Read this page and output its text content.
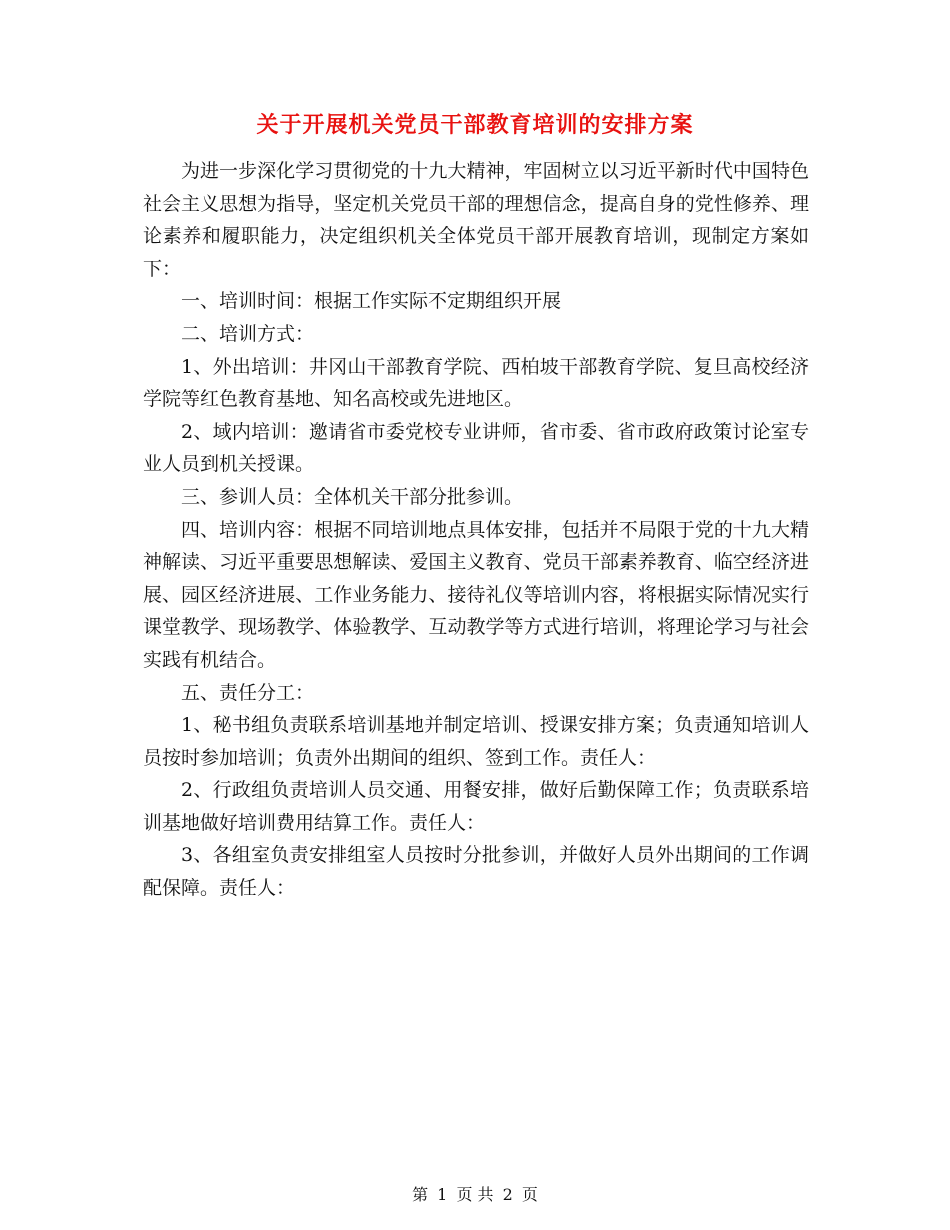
关于开展机关党员干部教育培训的安排方案

为进一步深化学习贯彻党的十九大精神，牢固树立以习近平新时代中国特色社会主义思想为指导，坚定机关党员干部的理想信念，提高自身的党性修养、理论素养和履职能力，决定组织机关全体党员干部开展教育培训，现制定方案如下：

一、培训时间：根据工作实际不定期组织开展

二、培训方式：

1、外出培训：井冈山干部教育学院、西柏坡干部教育学院、复旦高校经济学院等红色教育基地、知名高校或先进地区。

2、域内培训：邀请省市委党校专业讲师，省市委、省市政府政策讨论室专业人员到机关授课。

三、参训人员：全体机关干部分批参训。

四、培训内容：根据不同培训地点具体安排，包括并不局限于党的十九大精神解读、习近平重要思想解读、爱国主义教育、党员干部素养教育、临空经济进展、园区经济进展、工作业务能力、接待礼仪等培训内容，将根据实际情况实行课堂教学、现场教学、体验教学、互动教学等方式进行培训，将理论学习与社会实践有机结合。

五、责任分工：

1、秘书组负责联系培训基地并制定培训、授课安排方案；负责通知培训人员按时参加培训；负责外出期间的组织、签到工作。责任人：

2、行政组负责培训人员交通、用餐安排，做好后勤保障工作；负责联系培训基地做好培训费用结算工作。责任人：

3、各组室负责安排组室人员按时分批参训，并做好人员外出期间的工作调配保障。责任人：

第 1 页 共 2 页
